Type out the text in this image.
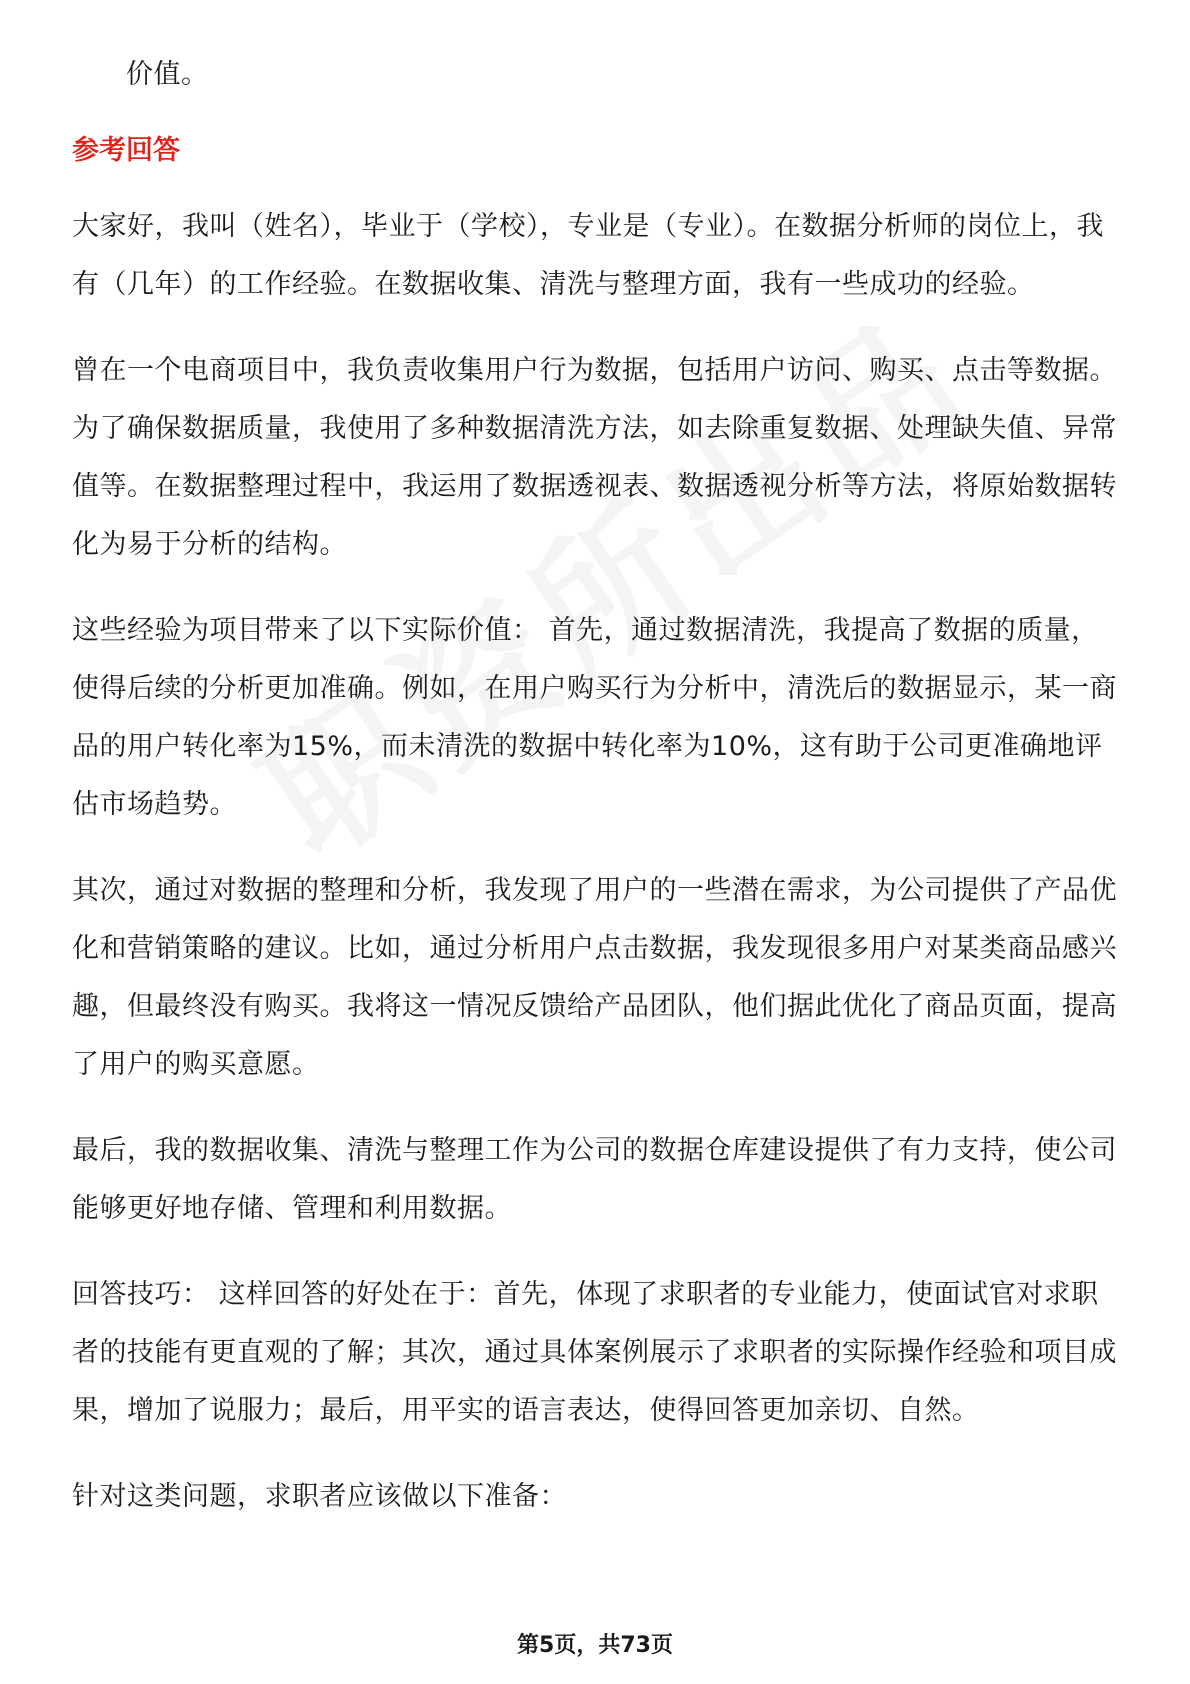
价值。

参考回答

大家好，我叫（姓名），毕业于（学校），专业是（专业）。在数据分析师的岗位上，我有（几年）的工作经验。在数据收集、清洗与整理方面，我有一些成功的经验。

曾在一个电商项目中，我负责收集用户行为数据，包括用户访问、购买、点击等数据。为了确保数据质量，我使用了多种数据清洗方法，如去除重复数据、处理缺失值、异常值等。在数据整理过程中，我运用了数据透视表、数据透视分析等方法，将原始数据转化为易于分析的结构。

这些经验为项目带来了以下实际价值： 首先，通过数据清洗，我提高了数据的质量，使得后续的分析更加准确。例如，在用户购买行为分析中，清洗后的数据显示，某一商品的用户转化率为15%，而未清洗的数据中转化率为10%，这有助于公司更准确地评估市场趋势。

其次，通过对数据的整理和分析，我发现了用户的一些潜在需求，为公司提供了产品优化和营销策略的建议。比如，通过分析用户点击数据，我发现很多用户对某类商品感兴趣，但最终没有购买。我将这一情况反馈给产品团队，他们据此优化了商品页面，提高了用户的购买意愿。

最后，我的数据收集、清洗与整理工作为公司的数据仓库建设提供了有力支持，使公司能够更好地存储、管理和利用数据。

回答技巧： 这样回答的好处在于：首先，体现了求职者的专业能力，使面试官对求职者的技能有更直观的了解；其次，通过具体案例展示了求职者的实际操作经验和项目成果，增加了说服力；最后，用平实的语言表达，使得回答更加亲切、自然。

针对这类问题，求职者应该做以下准备：

第5页，共73页
